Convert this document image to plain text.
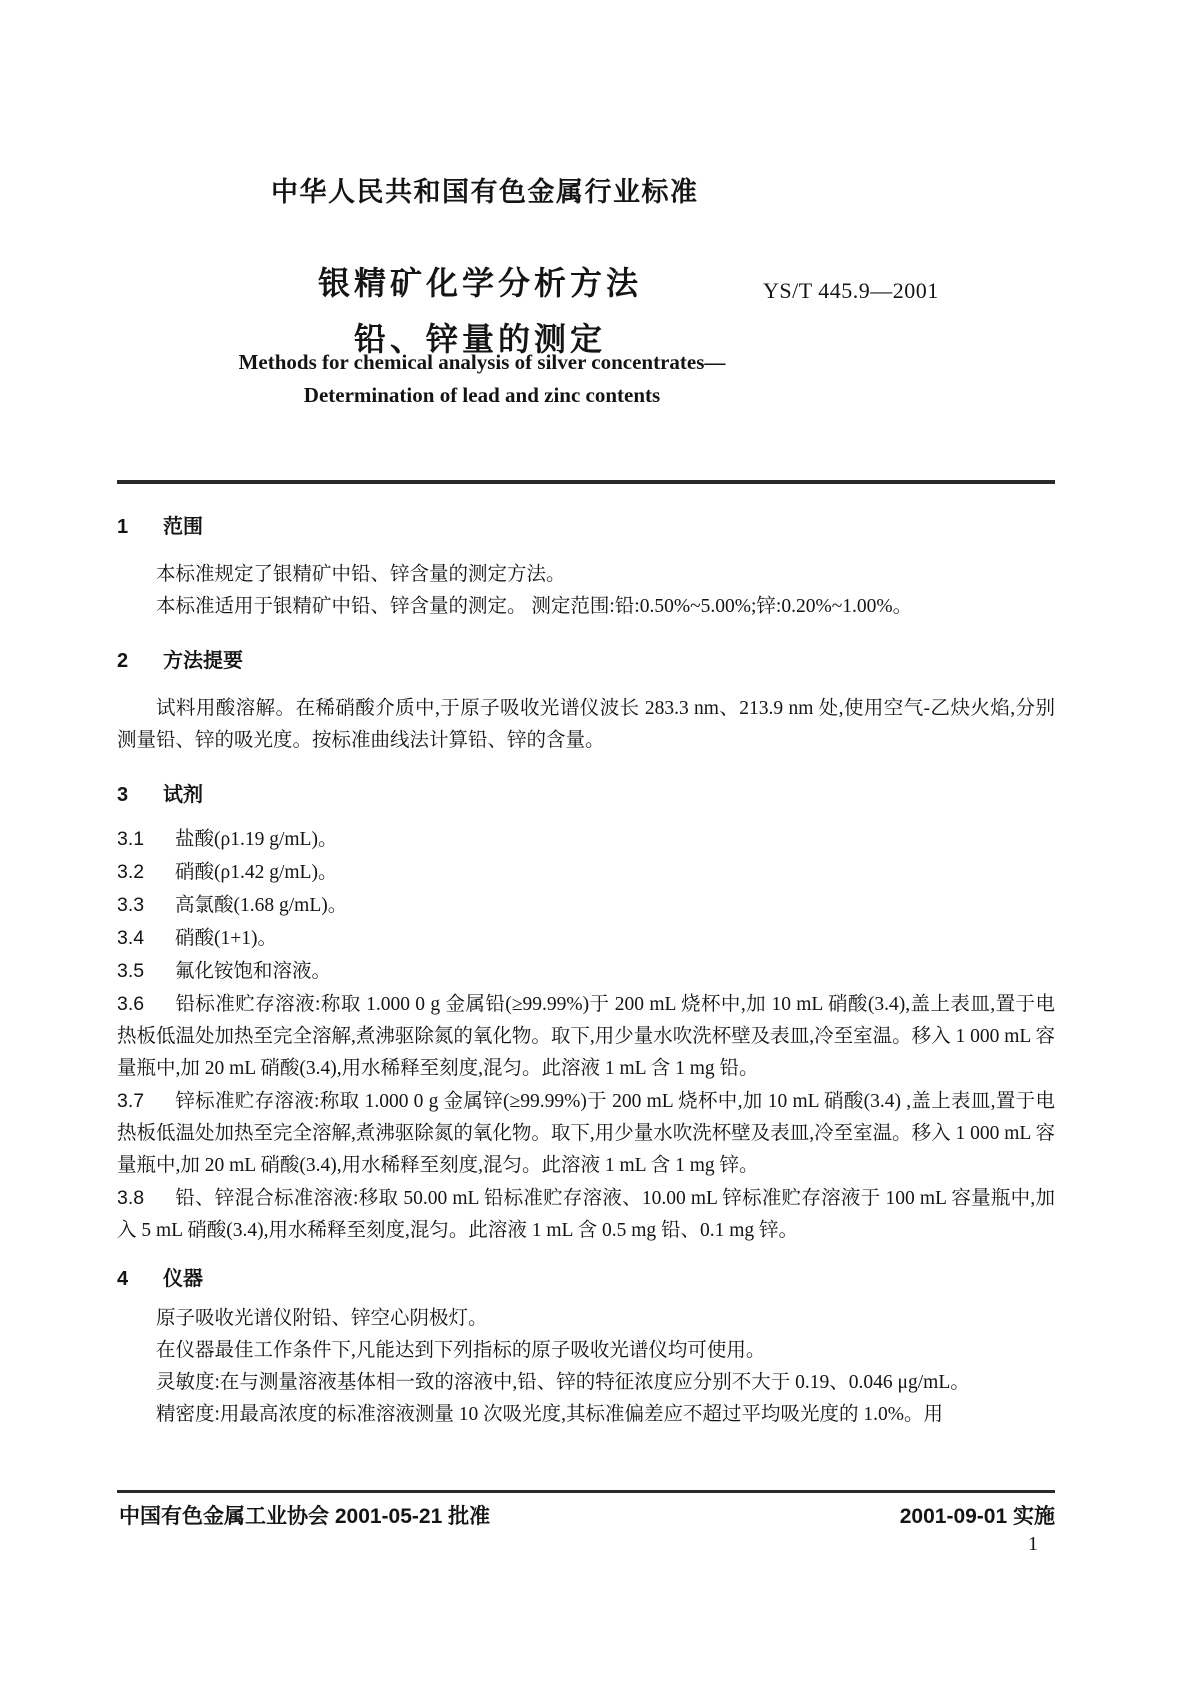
中华人民共和国有色金属行业标准
银精矿化学分析方法
铅、锌量的测定
YS/T 445.9—2001
Methods for chemical analysis of silver concentrates—
Determination of lead and zinc contents
1 范围

本标准规定了银精矿中铅、锌含量的测定方法。

本标准适用于银精矿中铅、锌含量的测定。 测定范围:铅:0.50%~5.00%;锌:0.20%~1.00%。

2 方法提要

试料用酸溶解。在稀硝酸介质中,于原子吸收光谱仪波长 283.3 nm、213.9 nm 处,使用空气-乙炔火焰,分别测量铅、锌的吸光度。按标准曲线法计算铅、锌的含量。

3 试剂

3.1 盐酸(ρ1.19 g/mL)。

3.2 硝酸(ρ1.42 g/mL)。

3.3 高氯酸(1.68 g/mL)。

3.4 硝酸(1+1)。

3.5 氟化铵饱和溶液。

3.6 铅标准贮存溶液:称取 1.000 0 g 金属铅(≥99.99%)于 200 mL 烧杯中,加 10 mL 硝酸(3.4),盖上表皿,置于电热板低温处加热至完全溶解,煮沸驱除氮的氧化物。取下,用少量水吹洗杯壁及表皿,冷至室温。移入 1 000 mL 容量瓶中,加 20 mL 硝酸(3.4),用水稀释至刻度,混匀。此溶液 1 mL 含 1 mg 铅。

3.7 锌标准贮存溶液:称取 1.000 0 g 金属锌(≥99.99%)于 200 mL 烧杯中,加 10 mL 硝酸(3.4) ,盖上表皿,置于电热板低温处加热至完全溶解,煮沸驱除氮的氧化物。取下,用少量水吹洗杯壁及表皿,冷至室温。移入 1 000 mL 容量瓶中,加 20 mL 硝酸(3.4),用水稀释至刻度,混匀。此溶液 1 mL 含 1 mg 锌。

3.8 铅、锌混合标准溶液:移取 50.00 mL 铅标准贮存溶液、10.00 mL 锌标准贮存溶液于 100 mL 容量瓶中,加入 5 mL 硝酸(3.4),用水稀释至刻度,混匀。此溶液 1 mL 含 0.5 mg 铅、0.1 mg 锌。

4 仪器

原子吸收光谱仪附铅、锌空心阴极灯。

在仪器最佳工作条件下,凡能达到下列指标的原子吸收光谱仪均可使用。

灵敏度:在与测量溶液基体相一致的溶液中,铅、锌的特征浓度应分别不大于 0.19、0.046 μg/mL。

精密度:用最高浓度的标准溶液测量 10 次吸光度,其标准偏差应不超过平均吸光度的 1.0%。用

中国有色金属工业协会 2001-05-21 批准	2001-09-01 实施
1
